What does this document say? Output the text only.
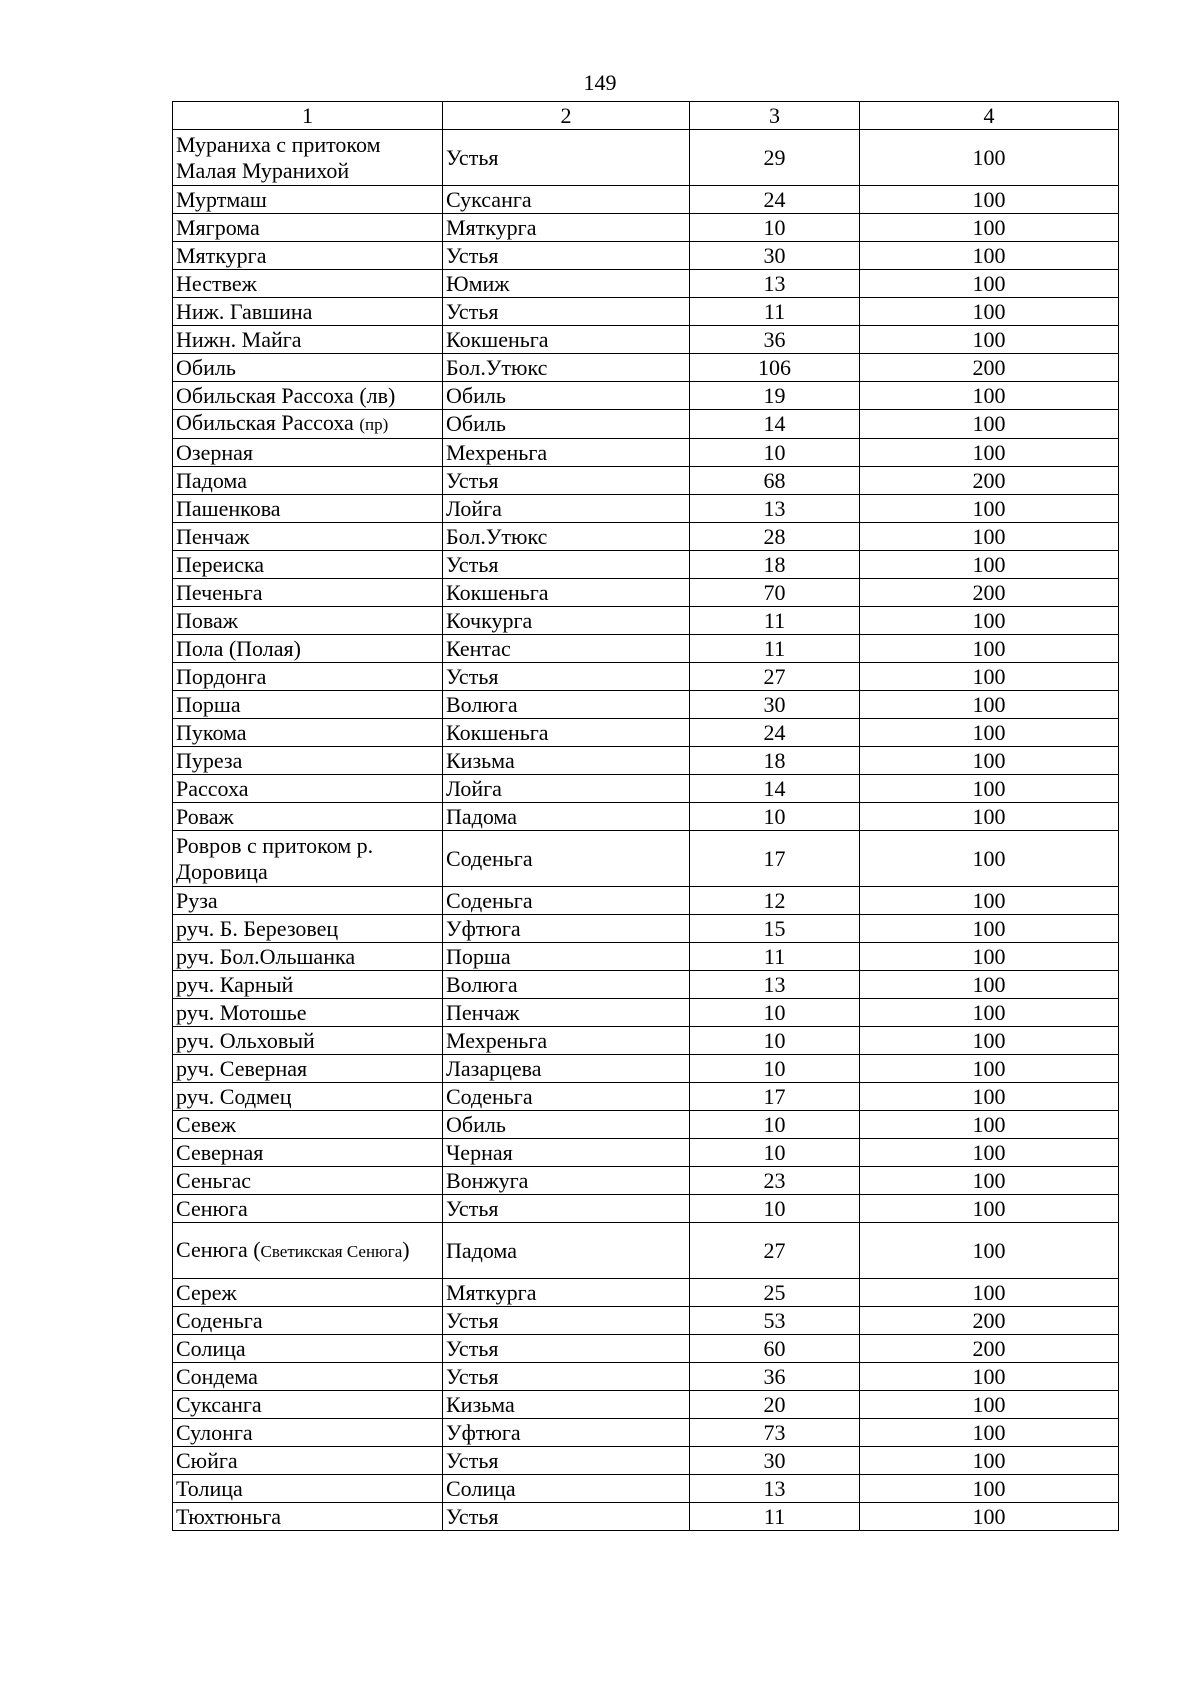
149
1	2	3	4
Мураниха с притоком Малая Муранихой	Устья	29	100
Муртмаш	Суксанга	24	100
Мягрома	Мяткурга	10	100
Мяткурга	Устья	30	100
Нествеж	Юмиж	13	100
Ниж. Гавшина	Устья	11	100
Нижн. Майга	Кокшеньга	36	100
Обиль	Бол.Утюкс	106	200
Обильская Рассоха (лв)	Обиль	19	100
Обильская Рассоха (пр)	Обиль	14	100
Озерная	Мехреньга	10	100
Падома	Устья	68	200
Пашенкова	Лойга	13	100
Пенчаж	Бол.Утюкс	28	100
Переиска	Устья	18	100
Печеньга	Кокшеньга	70	200
Поваж	Кочкурга	11	100
Пола (Полая)	Кентас	11	100
Пордонга	Устья	27	100
Порша	Волюга	30	100
Пукома	Кокшеньга	24	100
Пуреза	Кизьма	18	100
Рассоха	Лойга	14	100
Роваж	Падома	10	100
Ровров с притоком р. Доровица	Соденьга	17	100
Руза	Соденьга	12	100
руч. Б. Березовец	Уфтюга	15	100
руч. Бол.Ольшанка	Порша	11	100
руч. Карный	Волюга	13	100
руч. Мотошье	Пенчаж	10	100
руч. Ольховый	Мехреньга	10	100
руч. Северная	Лазарцева	10	100
руч. Содмец	Соденьга	17	100
Севеж	Обиль	10	100
Северная	Черная	10	100
Сеньгас	Вонжуга	23	100
Сенюга	Устья	10	100
Сенюга (Светикская Сенюга)	Падома	27	100
Сереж	Мяткурга	25	100
Соденьга	Устья	53	200
Солица	Устья	60	200
Сондема	Устья	36	100
Суксанга	Кизьма	20	100
Сулонга	Уфтюга	73	100
Сюйга	Устья	30	100
Толица	Солица	13	100
Тюхтюньга	Устья	11	100
